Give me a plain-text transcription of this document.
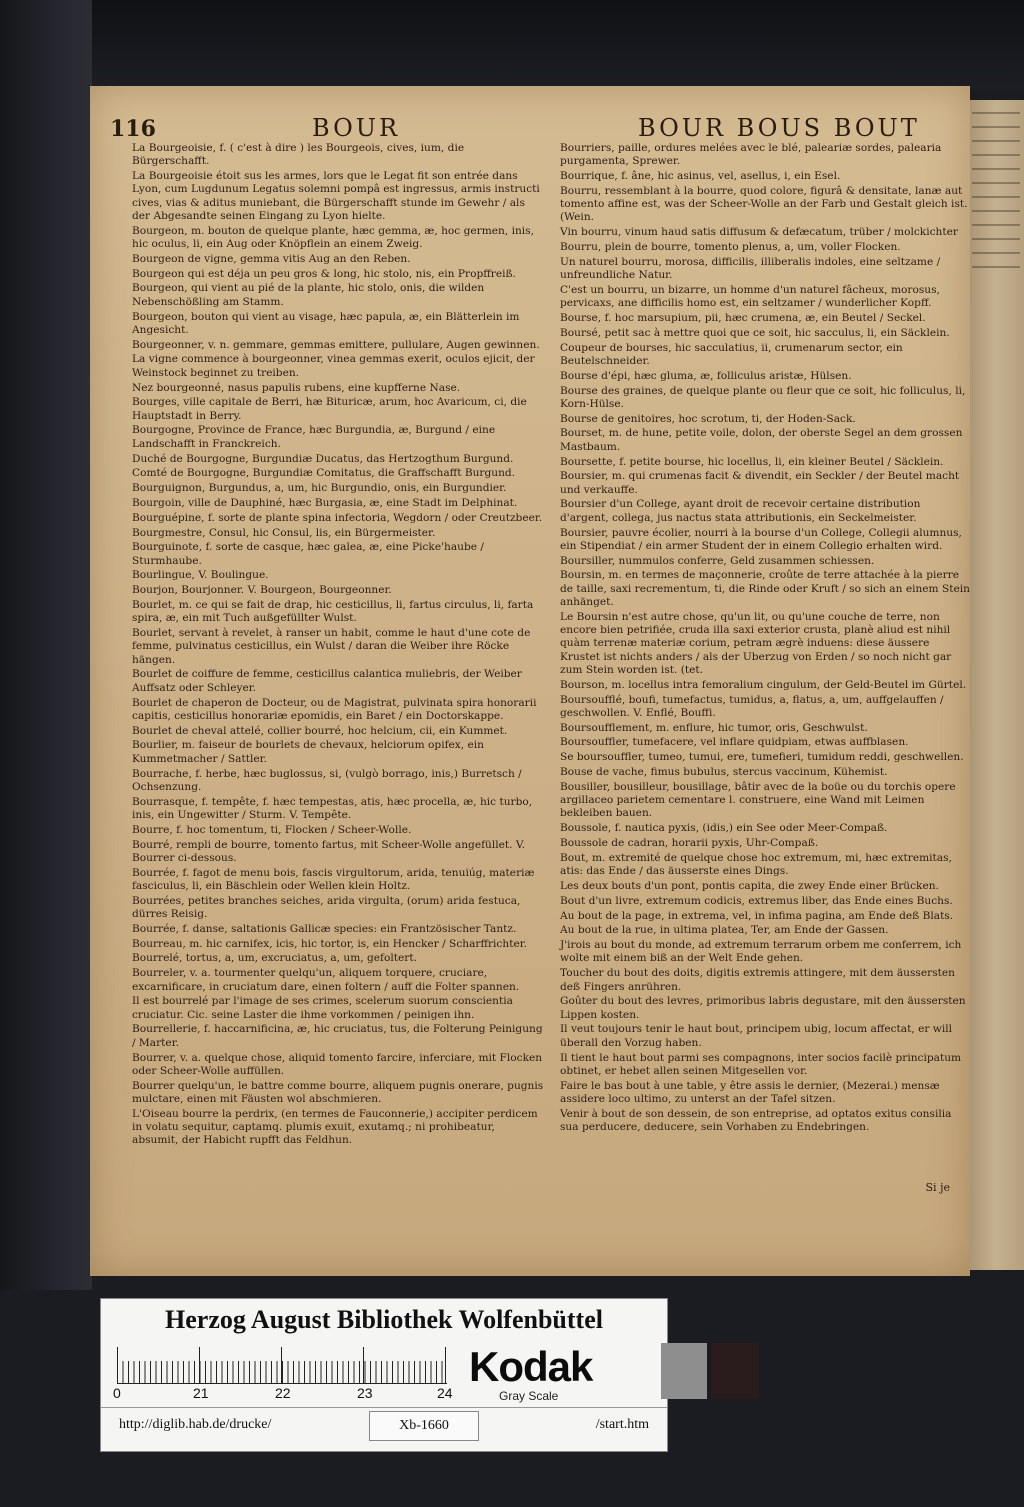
116	BOUR	BOUR BOUS BOUT

La Bourgeoisie, f. ( c'est à dire ) les Bourgeois, cives, ium, die Bürgerschafft.

La Bourgeoisie étoit sus les armes, lors que le Legat fit son entrée dans Lyon, cum Lugdunum Legatus solemni pompâ est ingressus, armis instructi cives, vias & aditus muniebant, die Bürgerschafft stunde im Gewehr / als der Abgesandte seinen Eingang zu Lyon hielte.

Bourgeon, m. bouton de quelque plante, hæc gemma, æ, hoc germen, inis, hic oculus, li, ein Aug oder Knöpflein an einem Zweig.

Bourgeon de vigne, gemma vitis Aug an den Reben.

Bourgeon qui est déja un peu gros & long, hic stolo, nis, ein Propffreiß.

Bourgeon, qui vient au pié de la plante, hic stolo, onis, die wilden Nebenschößling am Stamm.

Bourgeon, bouton qui vient au visage, hæc papula, æ, ein Blätterlein im Angesicht.

Bourgeonner, v. n. gemmare, gemmas emittere, pullulare, Augen gewinnen.

La vigne commence à bourgeonner, vinea gemmas exerit, oculos ejicit, der Weinstock beginnet zu treiben.

Nez bourgeonné, nasus papulis rubens, eine kupfferne Nase.

Bourges, ville capitale de Berri, hæ Bituricæ, arum, hoc Avaricum, ci, die Hauptstadt in Berry.

Bourgogne, Province de France, hæc Burgundia, æ, Burgund / eine Landschafft in Franckreich.

Duché de Bourgogne, Burgundiæ Ducatus, das Hertzogthum Burgund.

Comté de Bourgogne, Burgundiæ Comitatus, die Graffschafft Burgund.

Bourguignon, Burgundus, a, um, hic Burgundio, onis, ein Burgundier.

Bourgoin, ville de Dauphiné, hæc Burgasia, æ, eine Stadt im Delphinat.

Bourguépine, f. sorte de plante spina infectoria, Wegdorn / oder Creutzbeer.

Bourgmestre, Consul, hic Consul, lis, ein Bürgermeister.

Bourguinote, f. sorte de casque, hæc galea, æ, eine Picke'haube / Sturmhaube.

Bourlingue, V. Boulingue.

Bourjon, Bourjonner. V. Bourgeon, Bourgeonner.

Bourlet, m. ce qui se fait de drap, hic cesticillus, li, fartus circulus, li, farta spira, æ, ein mit Tuch außgefüllter Wulst.

Bourlet, servant à revelet, à ranser un habit, comme le haut d'une cote de femme, pulvinatus cesticillus, ein Wulst / daran die Weiber ihre Röcke hängen.

Bourlet de coiffure de femme, cesticillus calantica muliebris, der Weiber Auffsatz oder Schleyer.

Bourlet de chaperon de Docteur, ou de Magistrat, pulvinata spira honorarii capitis, cesticillus honorariæ epomidis, ein Baret / ein Doctorskappe.

Bourlet de cheval attelé, collier bourré, hoc helcium, cii, ein Kummet.

Bourlier, m. faiseur de bourlets de chevaux, helciorum opifex, ein Kummetmacher / Sattler.

Bourrache, f. herbe, hæc buglossus, si, (vulgò borrago, inis,) Burretsch / Ochsenzung.

Bourrasque, f. tempête, f. hæc tempestas, atis, hæc procella, æ, hic turbo, inis, ein Ungewitter / Sturm. V. Tempête.

Bourre, f. hoc tomentum, ti, Flocken / Scheer-Wolle.

Bourré, rempli de bourre, tomento fartus, mit Scheer-Wolle angefüllet. V. Bourrer ci-dessous.

Bourrée, f. fagot de menu bois, fascis virgultorum, arida, tenuiúg, materiæ fasciculus, li, ein Bäschlein oder Wellen klein Holtz.

Bourrées, petites branches seiches, arida virgulta, (orum) arida festuca, dürres Reisig.

Bourrée, f. danse, saltationis Gallicæ species: ein Frantzösischer Tantz.

Bourreau, m. hic carnifex, icis, hic tortor, is, ein Hencker / Scharffrichter.

Bourrelé, tortus, a, um, excruciatus, a, um, gefoltert.

Bourreler, v. a. tourmenter quelqu'un, aliquem torquere, cruciare, excarnificare, in cruciatum dare, einen foltern / auff die Folter spannen.

Il est bourrelé par l'image de ses crimes, scelerum suorum conscientia cruciatur. Cic. seine Laster die ihme vorkommen / peinigen ihn.

Bourrellerie, f. haccarnificina, æ, hic cruciatus, tus, die Folterung Peinigung / Marter.

Bourrer, v. a. quelque chose, aliquid tomento farcire, inferciare, mit Flocken oder Scheer-Wolle auffüllen.

Bourrer quelqu'un, le battre comme bourre, aliquem pugnis onerare, pugnis mulctare, einen mit Fäusten wol abschmieren.

L'Oiseau bourre la perdrix, (en termes de Fauconnerie,) accipiter perdicem in volatu sequitur, captamq. plumis exuit, exutamq.; ni prohibeatur, absumit, der Habicht rupfft das Feldhun.

Bourriers, paille, ordures melées avec le blé, paleariæ sordes, palearia purgamenta, Sprewer.

Bourrique, f. âne, hic asinus, vel, asellus, i, ein Esel.

Bourru, ressemblant à la bourre, quod colore, figurâ & densitate, lanæ aut tomento affine est, was der Scheer-Wolle an der Farb und Gestalt gleich ist. (Wein.

Vin bourru, vinum haud satis diffusum & defæcatum, trüber / molckichter

Bourru, plein de bourre, tomento plenus, a, um, voller Flocken.

Un naturel bourru, morosa, difficilis, illiberalis indoles, eine seltzame / unfreundliche Natur.

C'est un bourru, un bizarre, un homme d'un naturel fâcheux, morosus, pervicaxs, ane difficilis homo est, ein seltzamer / wunderlicher Kopff.

Bourse, f. hoc marsupium, pii, hæc crumena, æ, ein Beutel / Seckel.

Boursé, petit sac à mettre quoi que ce soit, hic sacculus, li, ein Säcklein.

Coupeur de bourses, hic sacculatius, ii, crumenarum sector, ein Beutelschneider.

Bourse d'épi, hæc gluma, æ, folliculus aristæ, Hülsen.

Bourse des graines, de quelque plante ou fleur que ce soit, hic folliculus, li, Korn-Hülse.

Bourse de genitoires, hoc scrotum, ti, der Hoden-Sack.

Bourset, m. de hune, petite voile, dolon, der oberste Segel an dem grossen Mastbaum.

Boursette, f. petite bourse, hic locellus, li, ein kleiner Beutel / Säcklein.

Boursier, m. qui crumenas facit & divendit, ein Seckler / der Beutel macht und verkauffe.

Boursier d'un College, ayant droit de recevoir certaine distribution d'argent, collega, jus nactus stata attributionis, ein Seckelmeister.

Boursier, pauvre écolier, nourri à la bourse d'un College, Collegii alumnus, ein Stipendiat / ein armer Student der in einem Collegio erhalten wird.

Boursiller, nummulos conferre, Geld zusammen schiessen.

Boursin, m. en termes de maçonnerie, croûte de terre attachée à la pierre de taille, saxi recrementum, ti, die Rinde oder Kruft / so sich an einem Stein anhänget.

Le Boursin n'est autre chose, qu'un lit, ou qu'une couche de terre, non encore bien petrifiée, cruda illa saxi exterior crusta, planè aliud est nihil quàm terrenæ materiæ corium, petram ægrè induens: diese äussere Krustet ist nichts anders / als der Uberzug von Erden / so noch nicht gar zum Stein worden ist. (tet.

Bourson, m. locellus intra femoralium cingulum, der Geld-Beutel im Gürtel.

Boursoufflé, boufi, tumefactus, tumidus, a, flatus, a, um, auffgelauffen / geschwollen. V. Enflé, Bouffi.

Boursoufflement, m. enflure, hic tumor, oris, Geschwulst.

Boursouffler, tumefacere, vel inflare quidpiam, etwas auffblasen.

Se boursouffler, tumeo, tumui, ere, tumefieri, tumidum reddi, geschwellen.

Bouse de vache, fimus bubulus, stercus vaccinum, Kühemist.

Bousiller, bousilleur, bousillage, bâtir avec de la boüe ou du torchis opere argillaceo parietem cementare l. construere, eine Wand mit Leimen bekleiben bauen.

Boussole, f. nautica pyxis, (idis,) ein See oder Meer-Compaß.

Boussole de cadran, horarii pyxis, Uhr-Compaß.

Bout, m. extremité de quelque chose hoc extremum, mi, hæc extremitas, atis: das Ende / das äusserste eines Dings.

Les deux bouts d'un pont, pontis capita, die zwey Ende einer Brücken.

Bout d'un livre, extremum codicis, extremus liber, das Ende eines Buchs.

Au bout de la page, in extrema, vel, in infima pagina, am Ende deß Blats.

Au bout de la rue, in ultima platea, Ter, am Ende der Gassen.

J'irois au bout du monde, ad extremum terrarum orbem me conferrem, ich wolte mit einem biß an der Welt Ende gehen.

Toucher du bout des doits, digitis extremis attingere, mit dem äussersten deß Fingers anrühren.

Goûter du bout des levres, primoribus labris degustare, mit den äussersten Lippen kosten.

Il veut toujours tenir le haut bout, principem ubig, locum affectat, er will überall den Vorzug haben.

Il tient le haut bout parmi ses compagnons, inter socios facilè principatum obtinet, er hebet allen seinen Mitgesellen vor.

Faire le bas bout à une table, y être assis le dernier, (Mezerai.) mensæ assidere loco ultimo, zu unterst an der Tafel sitzen.

Venir à bout de son dessein, de son entreprise, ad optatos exitus consilia sua perducere, deducere, sein Vorhaben zu Endebringen.

Si je
Herzog August Bibliothek Wolfenbüttel
0	21	22	23	24
Kodak
Gray Scale
http://diglib.hab.de/drucke/	Xb-1660	/start.htm
